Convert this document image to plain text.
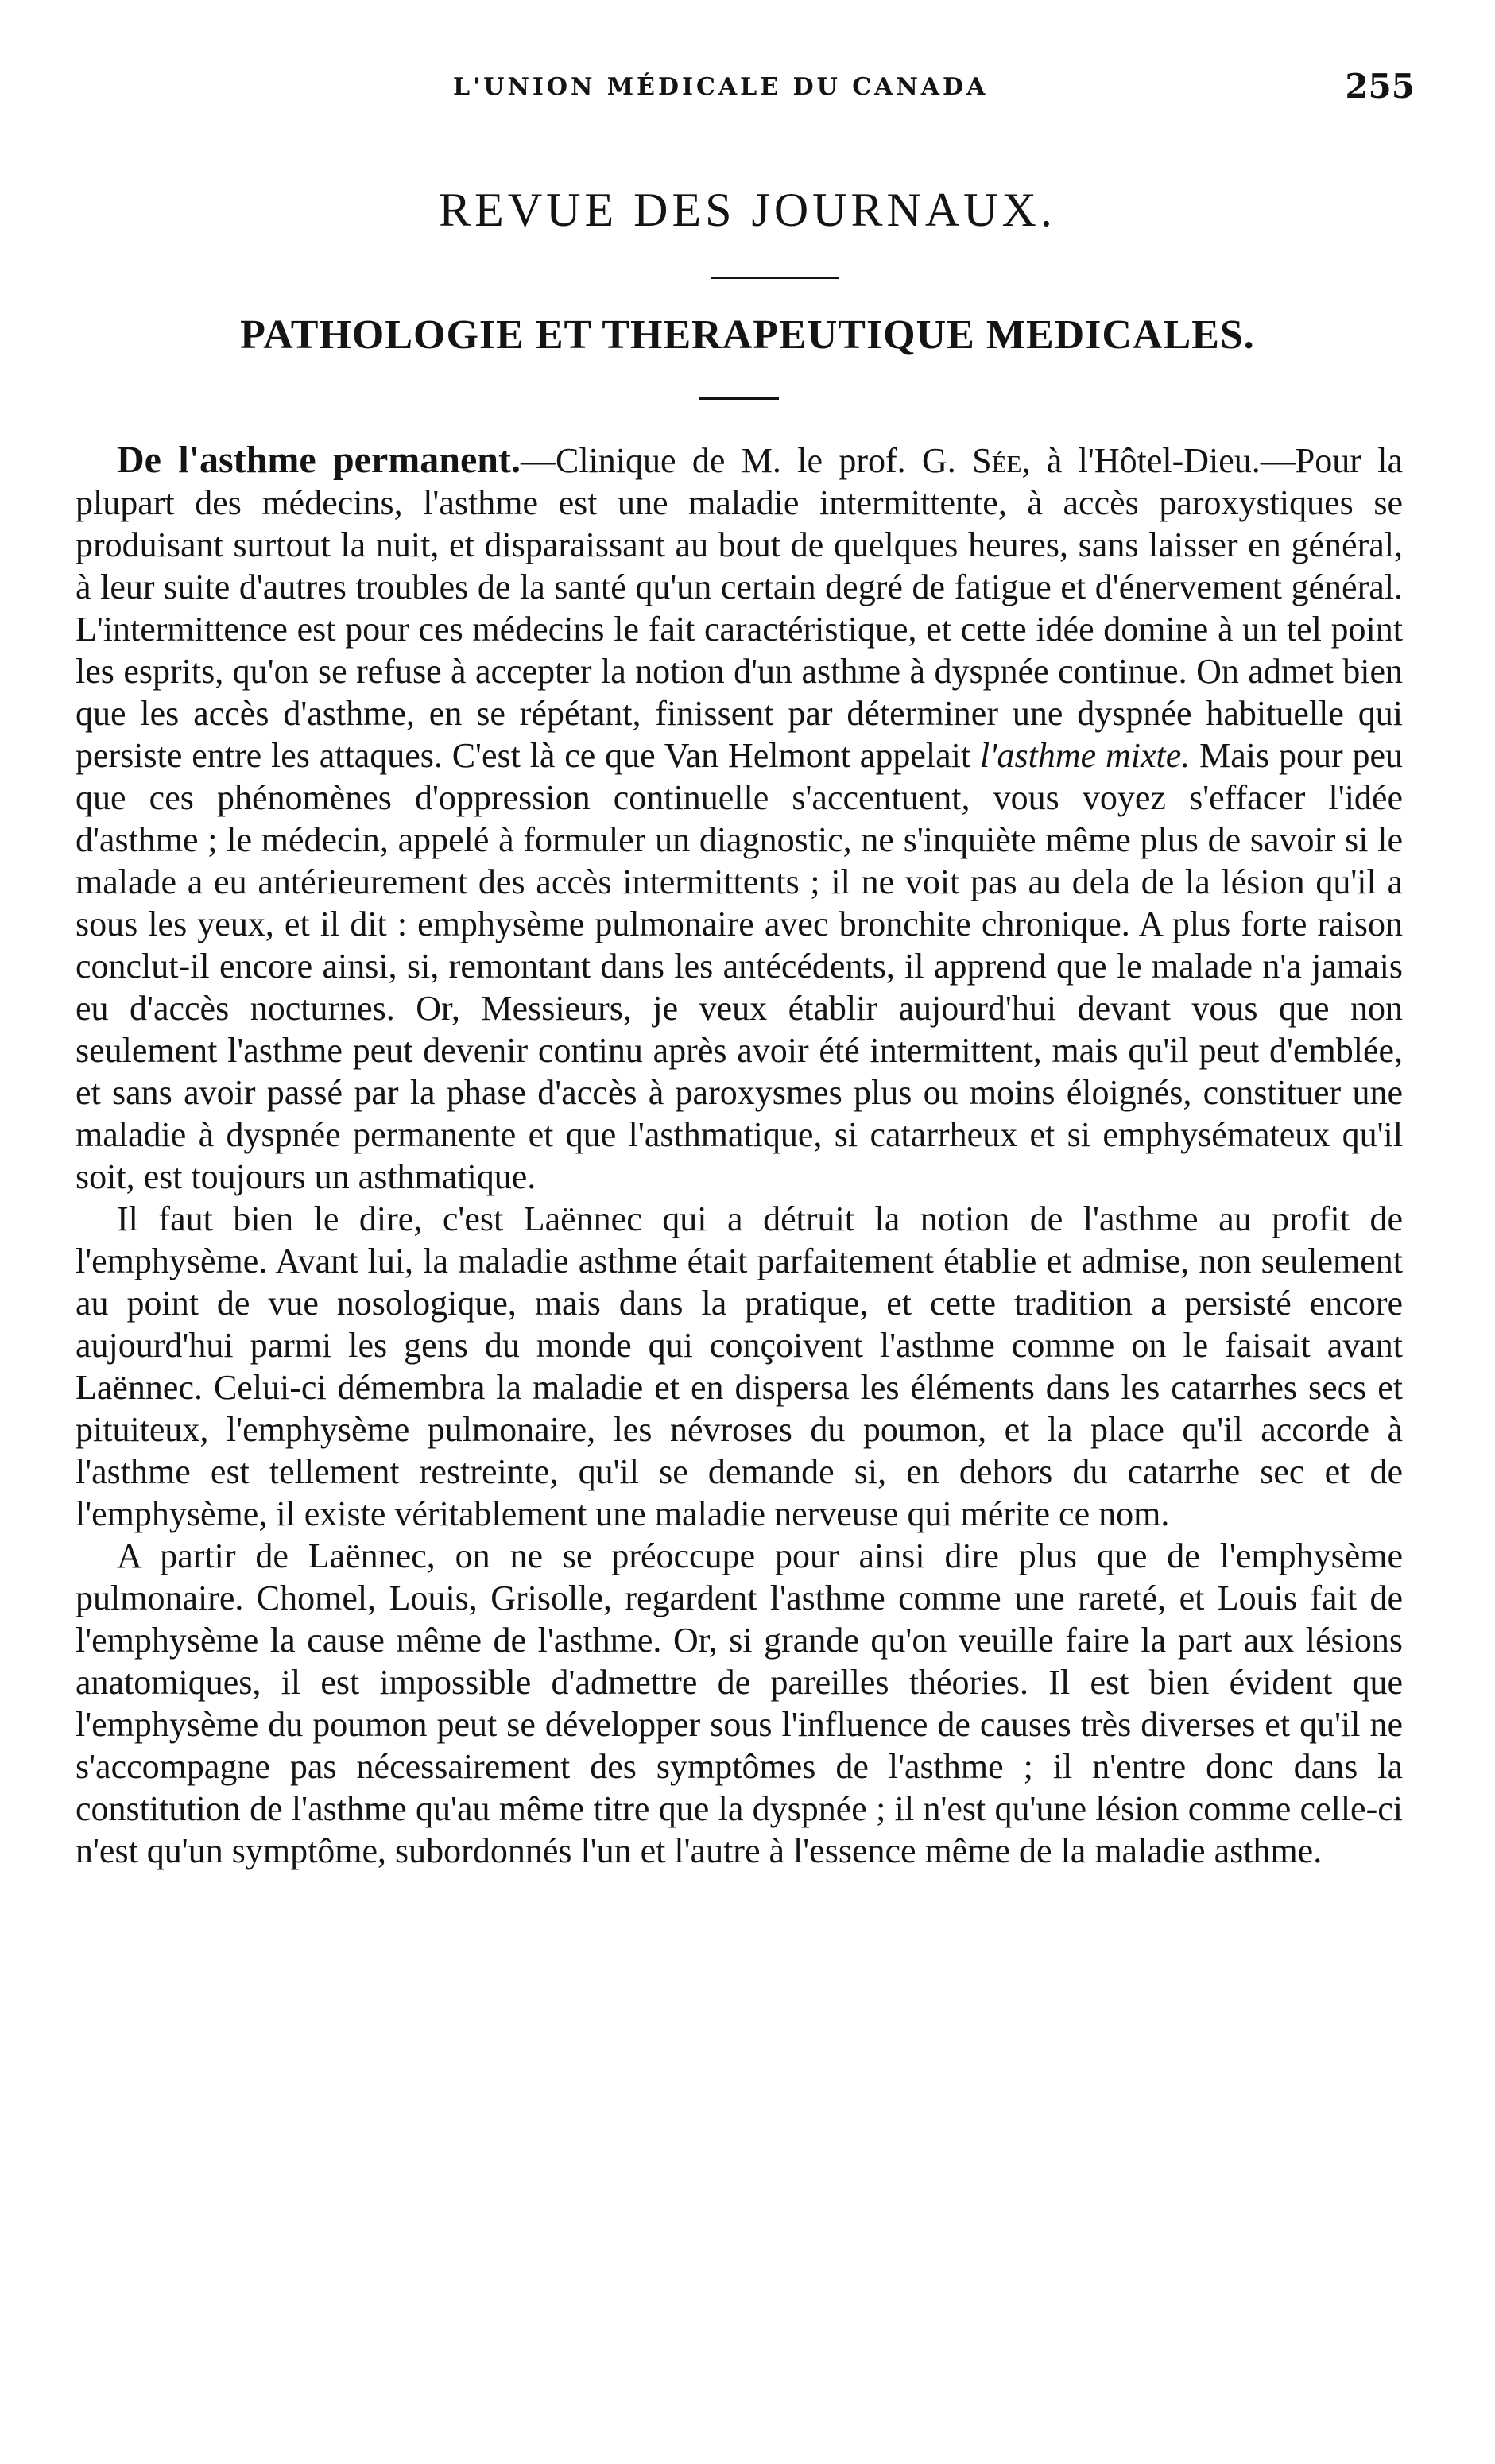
L'UNION MÉDICALE DU CANADA	255
REVUE DES JOURNAUX.
PATHOLOGIE ET THERAPEUTIQUE MEDICALES.

De l'asthme permanent.—Clinique de M. le prof. G. Sée, à l'Hôtel-Dieu.—Pour la plupart des médecins, l'asthme est une maladie intermittente, à accès paroxystiques se produisant surtout la nuit, et disparaissant au bout de quelques heures, sans laisser en général, à leur suite d'autres troubles de la santé qu'un certain degré de fatigue et d'énervement général. L'intermittence est pour ces médecins le fait caractéristique, et cette idée domine à un tel point les esprits, qu'on se refuse à accepter la notion d'un asthme à dyspnée continue. On admet bien que les accès d'asthme, en se répétant, finissent par déterminer une dyspnée habituelle qui persiste entre les attaques. C'est là ce que Van Helmont appelait l'asthme mixte. Mais pour peu que ces phénomènes d'oppression continuelle s'accentuent, vous voyez s'effacer l'idée d'asthme ; le médecin, appelé à formuler un diagnostic, ne s'inquiète même plus de savoir si le malade a eu antérieurement des accès intermittents ; il ne voit pas au dela de la lésion qu'il a sous les yeux, et il dit : emphysème pulmonaire avec bronchite chronique. A plus forte raison conclut-il encore ainsi, si, remontant dans les antécédents, il apprend que le malade n'a jamais eu d'accès nocturnes. Or, Messieurs, je veux établir aujourd'hui devant vous que non seulement l'asthme peut devenir continu après avoir été intermittent, mais qu'il peut d'emblée, et sans avoir passé par la phase d'accès à paroxysmes plus ou moins éloignés, constituer une maladie à dyspnée permanente et que l'asthmatique, si catarrheux et si emphysémateux qu'il soit, est toujours un asthmatique.

Il faut bien le dire, c'est Laënnec qui a détruit la notion de l'asthme au profit de l'emphysème. Avant lui, la maladie asthme était parfaitement établie et admise, non seulement au point de vue nosologique, mais dans la pratique, et cette tradition a persisté encore aujourd'hui parmi les gens du monde qui conçoivent l'asthme comme on le faisait avant Laënnec. Celui-ci démembra la maladie et en dispersa les éléments dans les catarrhes secs et pituiteux, l'emphysème pulmonaire, les névroses du poumon, et la place qu'il accorde à l'asthme est tellement restreinte, qu'il se demande si, en dehors du catarrhe sec et de l'emphysème, il existe véritablement une maladie nerveuse qui mérite ce nom.

A partir de Laënnec, on ne se préoccupe pour ainsi dire plus que de l'emphysème pulmonaire. Chomel, Louis, Grisolle, regardent l'asthme comme une rareté, et Louis fait de l'emphysème la cause même de l'asthme. Or, si grande qu'on veuille faire la part aux lésions anatomiques, il est impossible d'admettre de pareilles théories. Il est bien évident que l'emphysème du poumon peut se développer sous l'influence de causes très diverses et qu'il ne s'accompagne pas nécessairement des symptômes de l'asthme ; il n'entre donc dans la constitution de l'asthme qu'au même titre que la dyspnée ; il n'est qu'une lésion comme celle-ci n'est qu'un symptôme, subordonnés l'un et l'autre à l'essence même de la maladie asthme.
